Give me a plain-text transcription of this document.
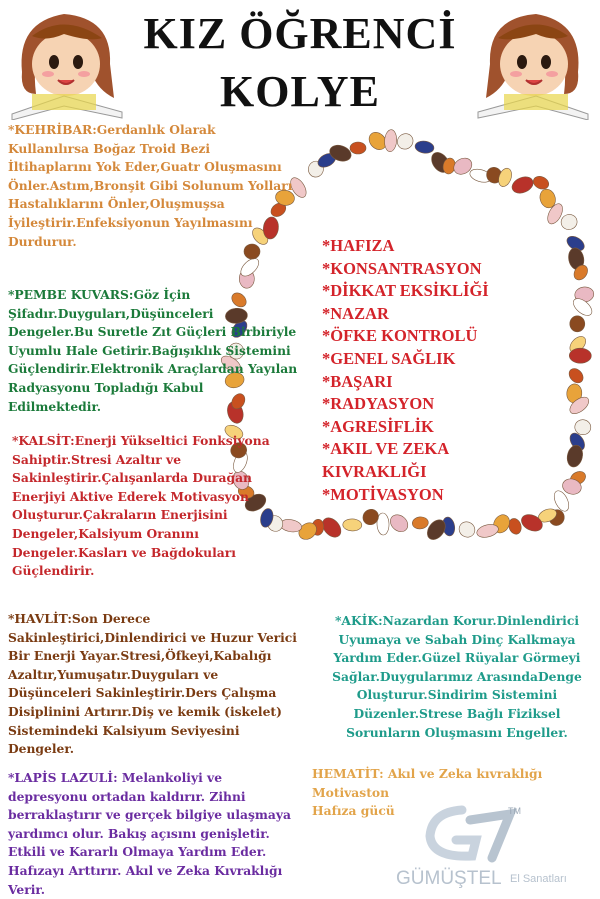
KIZ ÖĞRENCİ
KOLYE
*KEHRİBAR:Gerdanlık Olarak Kullanılırsa Boğaz Troid Bezi İltihaplarını Yok Eder,Guatr Oluşmasını Önler.Astım,Bronşit Gibi Solunum Yolları Hastalıklarını Önler,Oluşmuşsa İyileştirir.Enfeksiyonun Yayılmasını Durdurur.
*PEMBE KUVARS:Göz İçin Şifadır.Duyguları,Düşünceleri Dengeler.Bu Suretle Zıt Güçleri Birbiriyle Uyumlu Hale Getirir.Bağışıklık Sistemini Güçlendirir.Elektronik Araçlardan Yayılan Radyasyonu Topladığı Kabul Edilmektedir.
*KALSİT:Enerji Yükseltici Fonksiyona Sahiptir.Stresi Azaltır ve Sakinleştirir.Çalışanlarda Durağan Enerjiyi Aktive Ederek Motivasyon Oluşturur.Çakraların Enerjisini Dengeler,Kalsiyum Oranını Dengeler.Kasları ve Bağdokuları Güçlendirir.
*HAVLİT:Son Derece Sakinleştirici,Dinlendirici ve Huzur Verici Bir Enerji Yayar.Stresi,Öfkeyi,Kabalığı Azaltır,Yumuşatır.Duyguları ve Düşünceleri Sakinleştirir.Ders Çalışma Disiplinini Artırır.Diş ve kemik (iskelet) Sistemindeki Kalsiyum Seviyesini Dengeler.
*LAPİS LAZULİ: Melankoliyi ve depresyonu ortadan kaldırır. Zihni berraklaştırır ve gerçek bilgiye ulaşmaya yardımcı olur. Bakış açısını genişletir. Etkili ve Kararlı Olmaya Yardım Eder. Hafızayı Arttırır. Akıl ve Zeka Kıvraklığı Verir.
*AKİK:Nazardan Korur.Dinlendirici Uyumaya ve Sabah Dinç Kalkmaya Yardım Eder.Güzel Rüyalar Görmeyi Sağlar.Duygularımız ArasındaDenge Oluşturur.Sindirim Sistemini Düzenler.Strese Bağlı Fiziksel Sorunların Oluşmasını Engeller.
HEMATİT: Akıl ve Zeka kıvraklığı
Motivaston
Hafıza gücü
*HAFIZA
*KONSANTRASYON
*DİKKAT EKSİKLİĞİ
*NAZAR
*ÖFKE KONTROLÜ
*GENEL SAĞLIK
*BAŞARI
*RADYASYON
*AGRESİFLİK
*AKIL VE ZEKA
KIVRAKLIĞI
*MOTİVASYON
TM
GÜMÜŞTEL El Sanatları
